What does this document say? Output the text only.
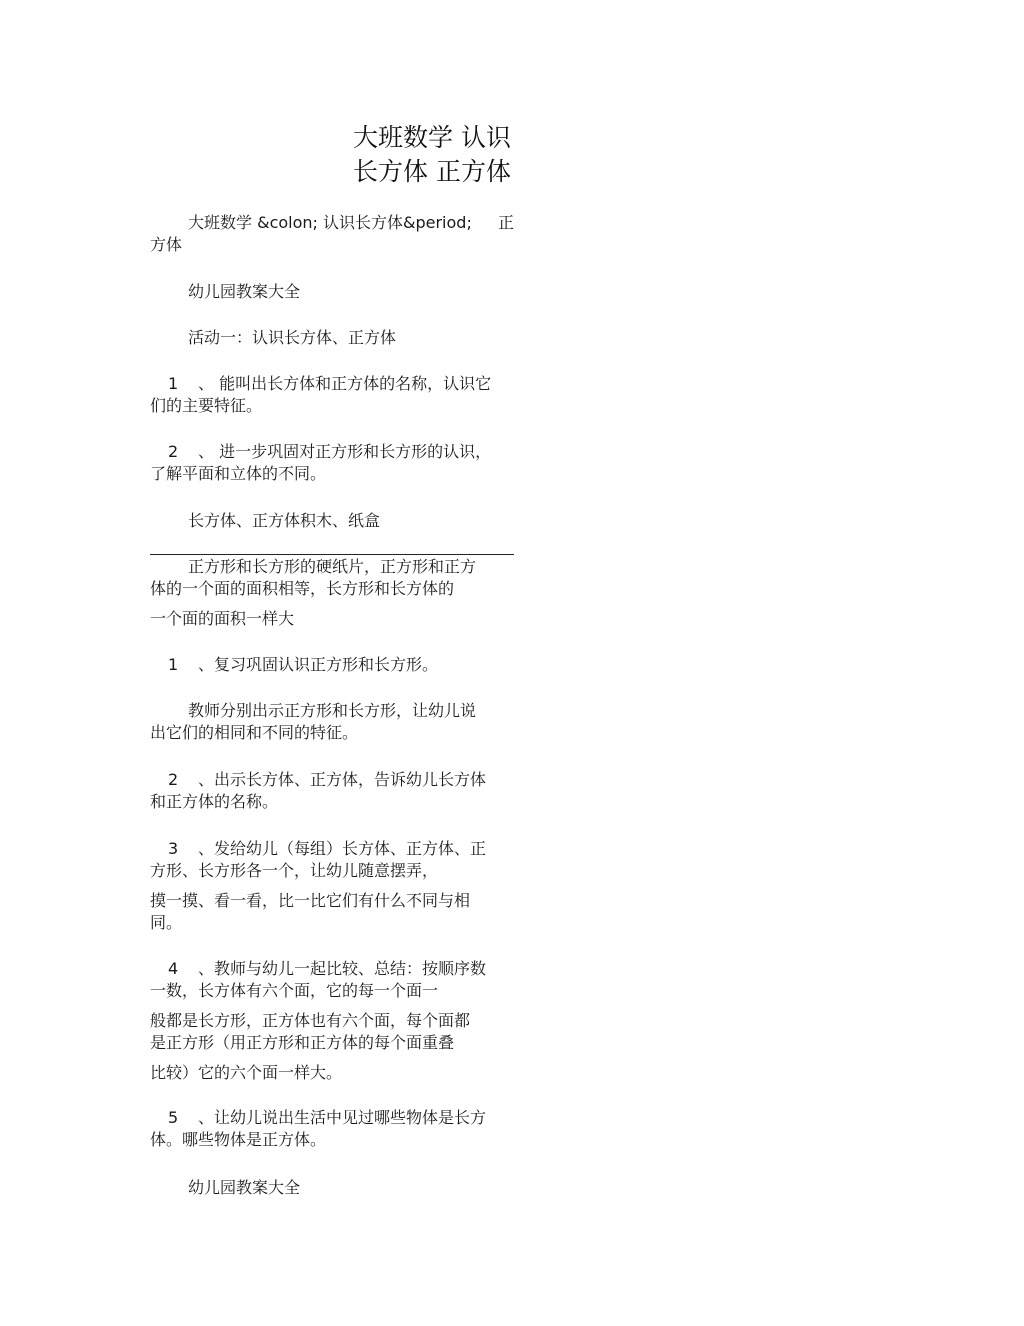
大班数学 认识
长方体 正方体
大班数学 &colon; 认识长方体&period; 正
方体
幼儿园教案大全
活动一：认识长方体、正方体
1 、 能叫出长方体和正方体的名称，认识它
们的主要特征。
2 、 进一步巩固对正方形和长方形的认识，
了解平面和立体的不同。
长方体、正方体积木、纸盒
正方形和长方形的硬纸片，正方形和正方
体的一个面的面积相等，长方形和长方体的
一个面的面积一样大
1 、复习巩固认识正方形和长方形。
教师分别出示正方形和长方形，让幼儿说
出它们的相同和不同的特征。
2 、出示长方体、正方体，告诉幼儿长方体
和正方体的名称。
3 、发给幼儿（每组）长方体、正方体、正
方形、长方形各一个，让幼儿随意摆弄，
摸一摸、看一看，比一比它们有什么不同与相
同。
4 、教师与幼儿一起比较、总结：按顺序数
一数，长方体有六个面，它的每一个面一
般都是长方形，正方体也有六个面，每个面都
是正方形（用正方形和正方体的每个面重叠
比较）它的六个面一样大。
5 、让幼儿说出生活中见过哪些物体是长方
体。哪些物体是正方体。
幼儿园教案大全
